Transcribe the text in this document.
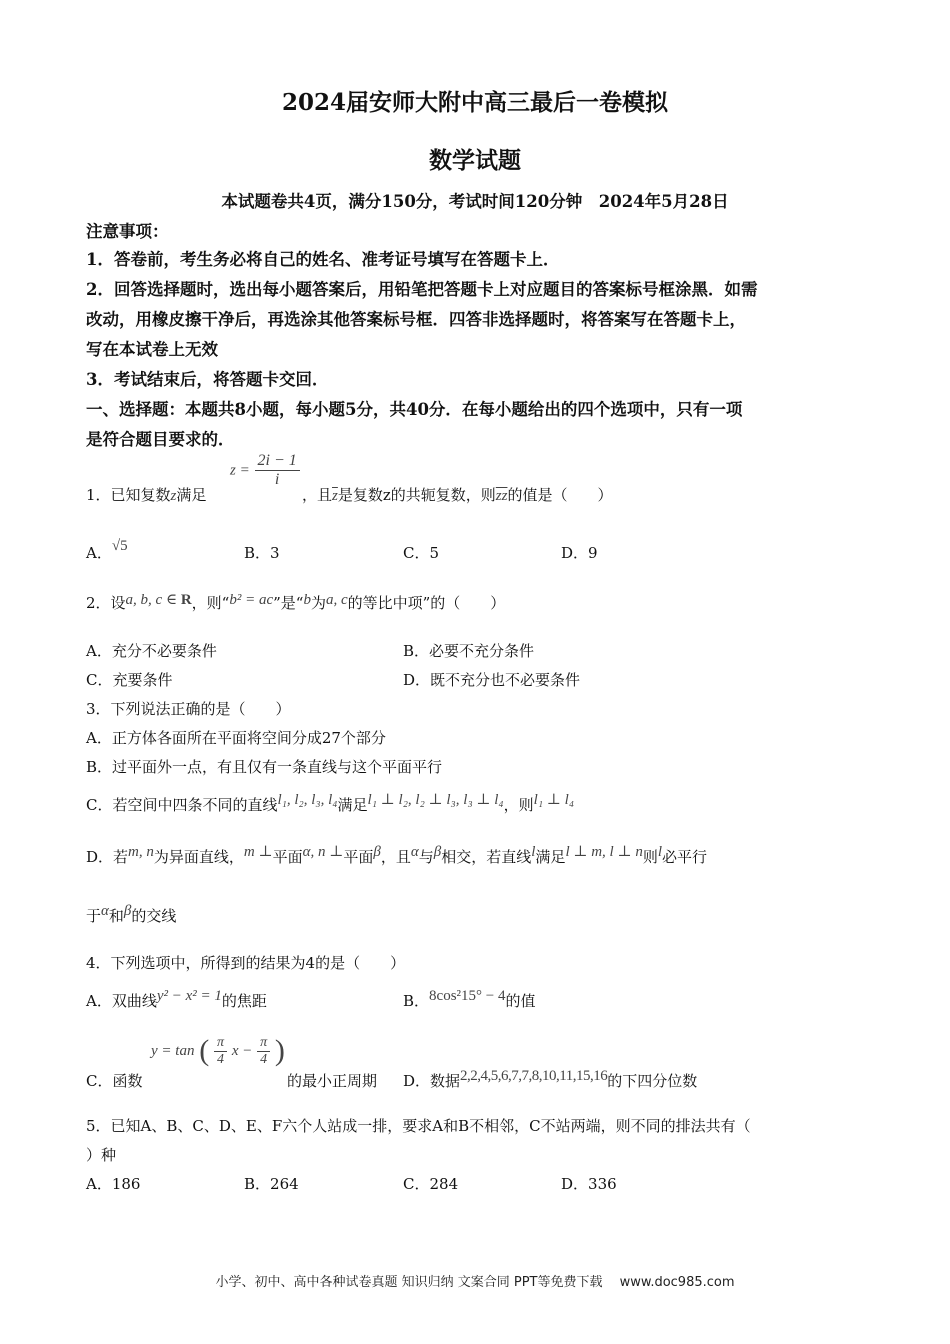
2024届安师大附中高三最后一卷模拟
数学试题
本试题卷共4页，满分150分，考试时间120分钟　2024年5月28日
注意事项：
1．答卷前，考生务必将自己的姓名、准考证号填写在答题卡上．
2．回答选择题时，选出每小题答案后，用铅笔把答题卡上对应题目的答案标号框涂黑．如需
改动，用橡皮擦干净后，再选涂其他答案标号框．四答非选择题时，将答案写在答题卡上，
写在本试卷上无效
3．考试结束后，将答题卡交回．
一、选择题：本题共8小题，每小题5分，共40分．在每小题给出的四个选项中，只有一项
是符合题目要求的．
1．已知复数z满足
$z = \frac{2i - 1}{i}$
，且$\overline{z}$是复数z的共轭复数，则$\overline{zz}$的值是（　　）
A．√5	B．3	C．5	D．9
2．设a, b, c ∈ R，则“b² = ac”是“b为a, c的等比中项”的（　　）
A．充分不必要条件	B．必要不充分条件
C．充要条件	D．既不充分也不必要条件
3．下列说法正确的是（　　）
A．正方体各面所在平面将空间分成27个部分
B．过平面外一点，有且仅有一条直线与这个平面平行
C．若空间中四条不同的直线l₁, l₂, l₃, l₄满足l₁ ⊥ l₂, l₂ ⊥ l₃, l₃ ⊥ l₄，则l₁ ⊥ l₄
D．若m, n为异面直线，m ⊥平面α, n ⊥平面β，且α与β相交，若直线l满足l ⊥ m, l ⊥ n则l必平行
于α和β的交线
4．下列选项中，所得到的结果为4的是（　　）
A．双曲线y² − x² = 1的焦距	B．8cos²15° − 4的值
C．函数
y = tan ( $\frac{\pi}{4}$ $x - \frac{\pi}{4}$ )
的最小正周期 D．数据2,2,4,5,6,7,7,8,10,11,15,16的下四分位数
5．已知A、B、C、D、E、F六个人站成一排，要求A和B不相邻，C不站两端，则不同的排法共有（
）种
A．186	B．264	C．284	D．336
小学、初中、高中各种试卷真题 知识归纳 文案合同 PPT等免费下载　 www.doc985.com
